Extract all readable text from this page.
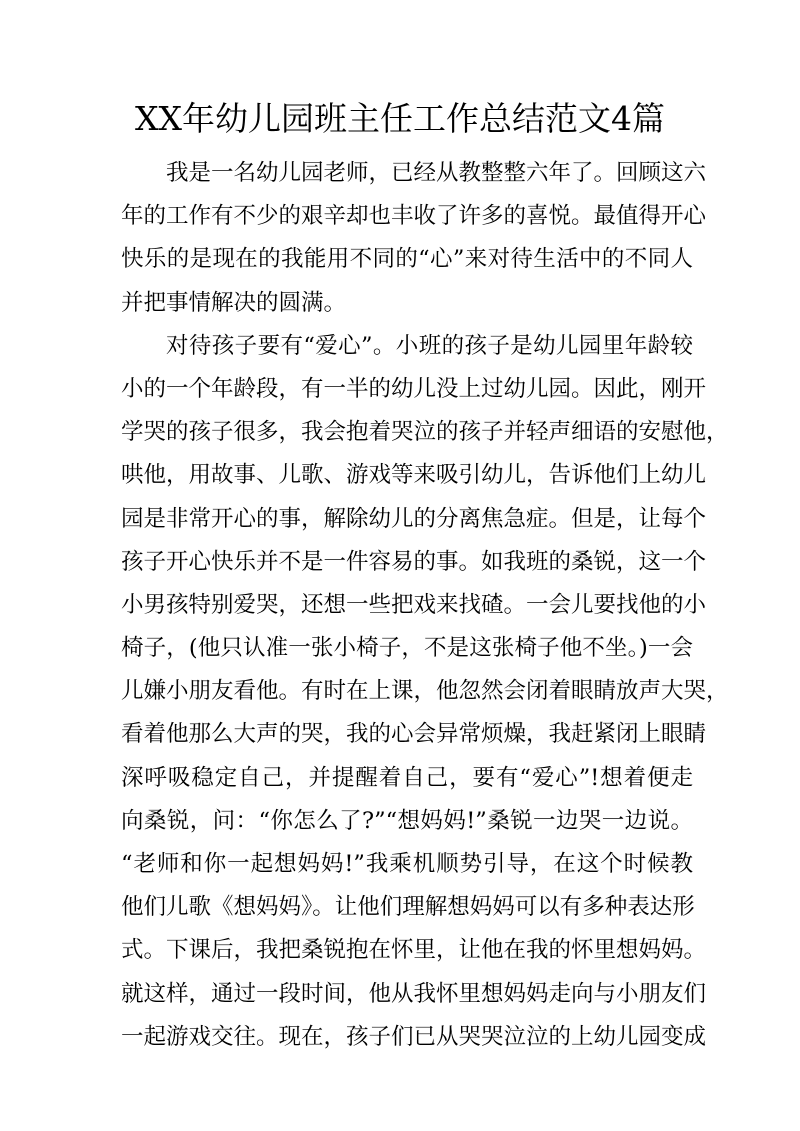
XX年幼儿园班主任工作总结范文4篇
我是一名幼儿园老师，已经从教整整六年了。回顾这六
年的工作有不少的艰辛却也丰收了许多的喜悦。最值得开心
快乐的是现在的我能用不同的“心”来对待生活中的不同人
并把事情解决的圆满。
对待孩子要有“爱心”。小班的孩子是幼儿园里年龄较
小的一个年龄段，有一半的幼儿没上过幼儿园。因此，刚开
学哭的孩子很多，我会抱着哭泣的孩子并轻声细语的安慰他，
哄他，用故事、儿歌、游戏等来吸引幼儿，告诉他们上幼儿
园是非常开心的事，解除幼儿的分离焦急症。但是，让每个
孩子开心快乐并不是一件容易的事。如我班的桑锐，这一个
小男孩特别爱哭，还想一些把戏来找碴。一会儿要找他的小
椅子，(他只认准一张小椅子，不是这张椅子他不坐。)一会
儿嫌小朋友看他。有时在上课，他忽然会闭着眼睛放声大哭，
看着他那么大声的哭，我的心会异常烦燥，我赶紧闭上眼睛
深呼吸稳定自己，并提醒着自己，要有“爱心”!想着便走
向桑锐，问：“你怎么了?”“想妈妈!”桑锐一边哭一边说。
“老师和你一起想妈妈!”我乘机顺势引导，在这个时候教
他们儿歌《想妈妈》。让他们理解想妈妈可以有多种表达形
式。下课后，我把桑锐抱在怀里，让他在我的怀里想妈妈。
就这样，通过一段时间，他从我怀里想妈妈走向与小朋友们
一起游戏交往。现在，孩子们已从哭哭泣泣的上幼儿园变成
